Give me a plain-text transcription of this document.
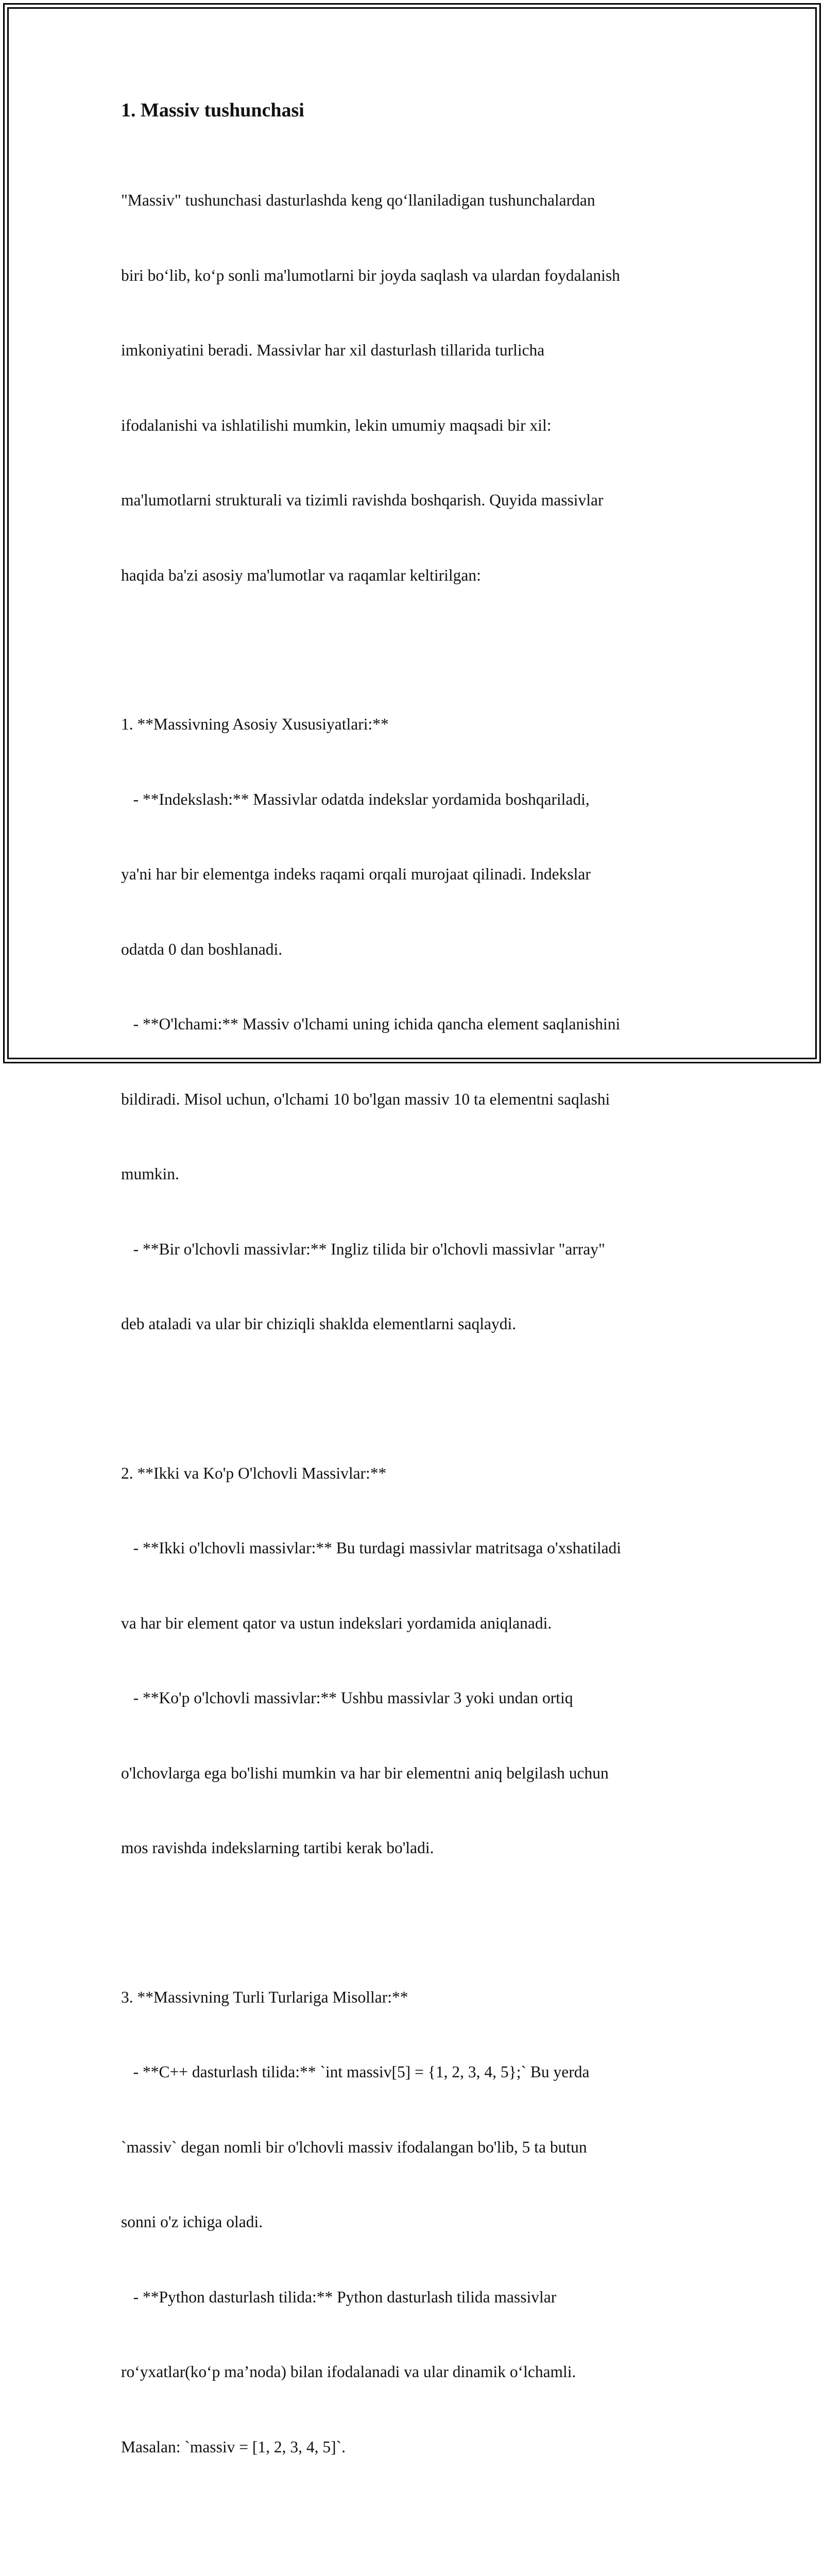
1. Massiv tushunchasi

"Massiv" tushunchasi dasturlashda keng qo‘llaniladigan tushunchalardan

biri bo‘lib, ko‘p sonli ma'lumotlarni bir joyda saqlash va ulardan foydalanish

imkoniyatini beradi. Massivlar har xil dasturlash tillarida turlicha

ifodalanishi va ishlatilishi mumkin, lekin umumiy maqsadi bir xil:

ma'lumotlarni strukturali va tizimli ravishda boshqarish. Quyida massivlar

haqida ba'zi asosiy ma'lumotlar va raqamlar keltirilgan:

1. **Massivning Asosiy Xususiyatlari:**

- **Indekslash:** Massivlar odatda indekslar yordamida boshqariladi,

ya'ni har bir elementga indeks raqami orqali murojaat qilinadi. Indekslar

odatda 0 dan boshlanadi.

- **O'lchami:** Massiv o'lchami uning ichida qancha element saqlanishini

bildiradi. Misol uchun, o'lchami 10 bo'lgan massiv 10 ta elementni saqlashi

mumkin.

- **Bir o'lchovli massivlar:** Ingliz tilida bir o'lchovli massivlar "array"

deb ataladi va ular bir chiziqli shaklda elementlarni saqlaydi.

2. **Ikki va Ko'p O'lchovli Massivlar:**

- **Ikki o'lchovli massivlar:** Bu turdagi massivlar matritsaga o'xshatiladi

va har bir element qator va ustun indekslari yordamida aniqlanadi.

- **Ko'p o'lchovli massivlar:** Ushbu massivlar 3 yoki undan ortiq

o'lchovlarga ega bo'lishi mumkin va har bir elementni aniq belgilash uchun

mos ravishda indekslarning tartibi kerak bo'ladi.

3. **Massivning Turli Turlariga Misollar:**

- **C++ dasturlash tilida:** `int massiv[5] = {1, 2, 3, 4, 5};` Bu yerda

`massiv` degan nomli bir o'lchovli massiv ifodalangan bo'lib, 5 ta butun

sonni o'z ichiga oladi.

- **Python dasturlash tilida:** Python dasturlash tilida massivlar

ro‘yxatlar(ko‘p ma’noda) bilan ifodalanadi va ular dinamik o‘lchamli.

Masalan: `massiv = [1, 2, 3, 4, 5]`.
